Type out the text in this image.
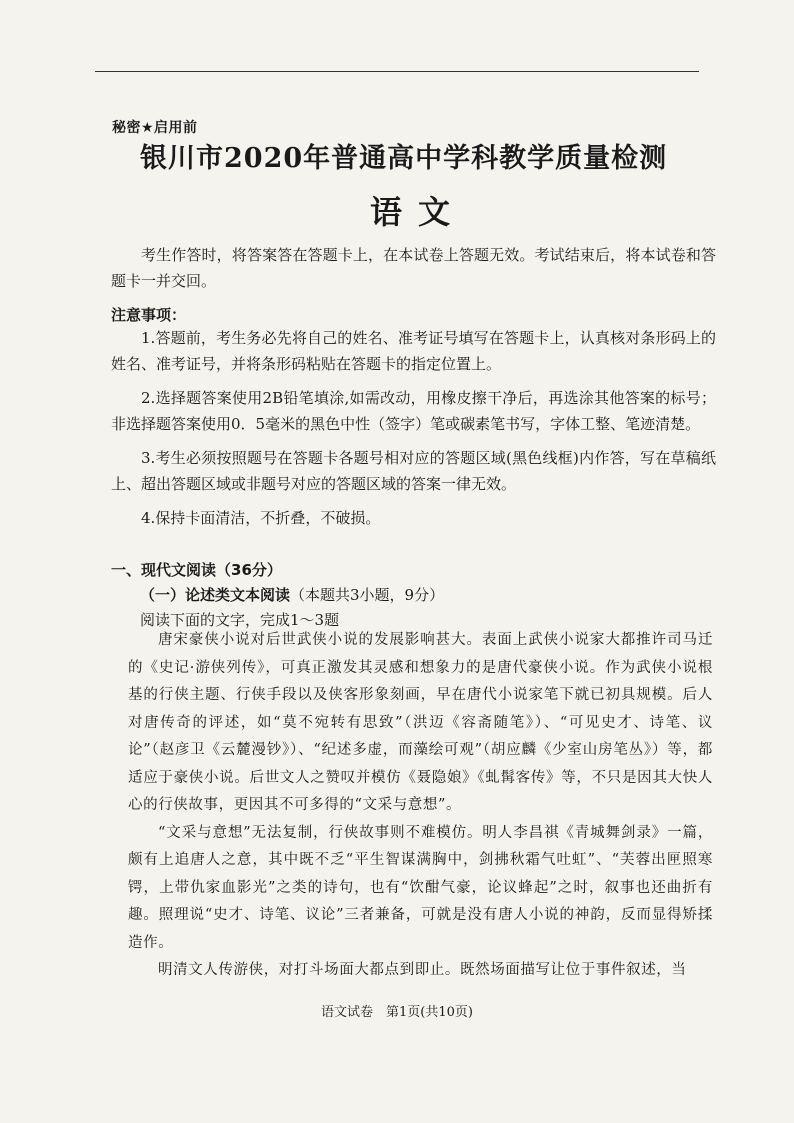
秘密★启用前
银川市2020年普通高中学科教学质量检测
语文

考生作答时，将答案答在答题卡上，在本试卷上答题无效。考试结束后，将本试卷和答题卡一并交回。

注意事项：

1.答题前，考生务必先将自己的姓名、准考证号填写在答题卡上，认真核对条形码上的姓名、准考证号，并将条形码粘贴在答题卡的指定位置上。

2.选择题答案使用2B铅笔填涂,如需改动，用橡皮擦干净后，再选涂其他答案的标号；非选择题答案使用0．5毫米的黑色中性（签字）笔或碳素笔书写，字体工整、笔迹清楚。

3.考生必须按照题号在答题卡各题号相对应的答题区域(黑色线框)内作答，写在草稿纸上、超出答题区域或非题号对应的答题区域的答案一律无效。

4.保持卡面清洁，不折叠，不破损。

一、现代文阅读（36分）
（一）论述类文本阅读（本题共3小题，9分）
阅读下面的文字，完成1～3题

唐宋豪侠小说对后世武侠小说的发展影响甚大。表面上武侠小说家大都推许司马迁的《史记·游侠列传》，可真正激发其灵感和想象力的是唐代豪侠小说。作为武侠小说根基的行侠主题、行侠手段以及侠客形象刻画，早在唐代小说家笔下就已初具规模。后人对唐传奇的评述，如“莫不宛转有思致”（洪迈《容斋随笔》）、“可见史才、诗笔、议论”（赵彦卫《云麓漫钞》）、“纪述多虚，而藻绘可观”（胡应麟《少室山房笔丛》）等，都适应于豪侠小说。后世文人之赞叹并模仿《聂隐娘》《虬髯客传》等，不只是因其大快人心的行侠故事，更因其不可多得的“文采与意想”。

“文采与意想”无法复制，行侠故事则不难模仿。明人李昌祺《青城舞剑录》一篇，颇有上追唐人之意，其中既不乏“平生智谋满胸中，剑拂秋霜气吐虹”、“芙蓉出匣照寒锷，上带仇家血影光”之类的诗句，也有“饮酣气豪，论议蜂起”之时，叙事也还曲折有趣。照理说“史才、诗笔、议论”三者兼备，可就是没有唐人小说的神韵，反而显得矫揉造作。

明清文人传游侠，对打斗场面大都点到即止。既然场面描写让位于事件叙述，当

语文试卷　第1页(共10页)
